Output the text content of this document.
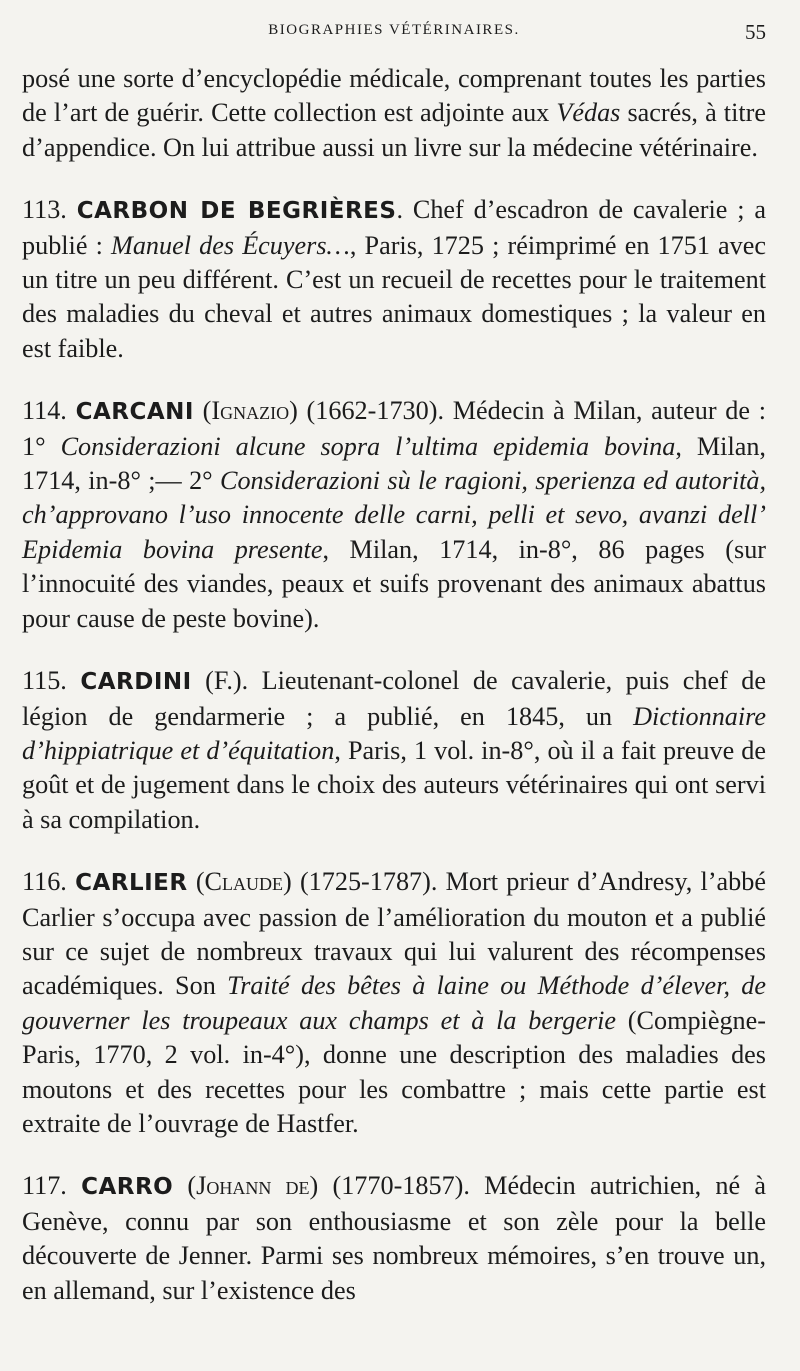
BIOGRAPHIES VÉTÉRINAIRES.	55

posé une sorte d’encyclopédie médicale, comprenant toutes les parties de l’art de guérir. Cette collection est adjointe aux Védas sacrés, à titre d’appendice. On lui attribue aussi un livre sur la médecine vétérinaire.

113. CARBON DE BEGRIÈRES. Chef d’escadron de cavalerie ; a publié : Manuel des Écuyers…, Paris, 1725 ; réimprimé en 1751 avec un titre un peu différent. C’est un recueil de recettes pour le traitement des maladies du cheval et autres animaux domestiques ; la valeur en est faible.

114. CARCANI (Ignazio) (1662-1730). Médecin à Milan, auteur de : 1° Considerazioni alcune sopra l’ultima epidemia bovina, Milan, 1714, in-8° ;— 2° Considerazioni sù le ragioni, sperienza ed autorità, ch’approvano l’uso innocente delle carni, pelli et sevo, avanzi dell’ Epidemia bovina presente, Milan, 1714, in-8°, 86 pages (sur l’innocuité des viandes, peaux et suifs provenant des animaux abattus pour cause de peste bovine).

115. CARDINI (F.). Lieutenant-colonel de cavalerie, puis chef de légion de gendarmerie ; a publié, en 1845, un Dictionnaire d’hippiatrique et d’équitation, Paris, 1 vol. in-8°, où il a fait preuve de goût et de jugement dans le choix des auteurs vétérinaires qui ont servi à sa compilation.

116. CARLIER (Claude) (1725-1787). Mort prieur d’Andresy, l’abbé Carlier s’occupa avec passion de l’amélioration du mouton et a publié sur ce sujet de nombreux travaux qui lui valurent des récompenses académiques. Son Traité des bêtes à laine ou Méthode d’élever, de gouverner les troupeaux aux champs et à la bergerie (Compiègne-Paris, 1770, 2 vol. in-4°), donne une description des maladies des moutons et des recettes pour les combattre ; mais cette partie est extraite de l’ouvrage de Hastfer.

117. CARRO (Johann de) (1770-1857). Médecin autrichien, né à Genève, connu par son enthousiasme et son zèle pour la belle découverte de Jenner. Parmi ses nombreux mémoires, s’en trouve un, en allemand, sur l’existence des
